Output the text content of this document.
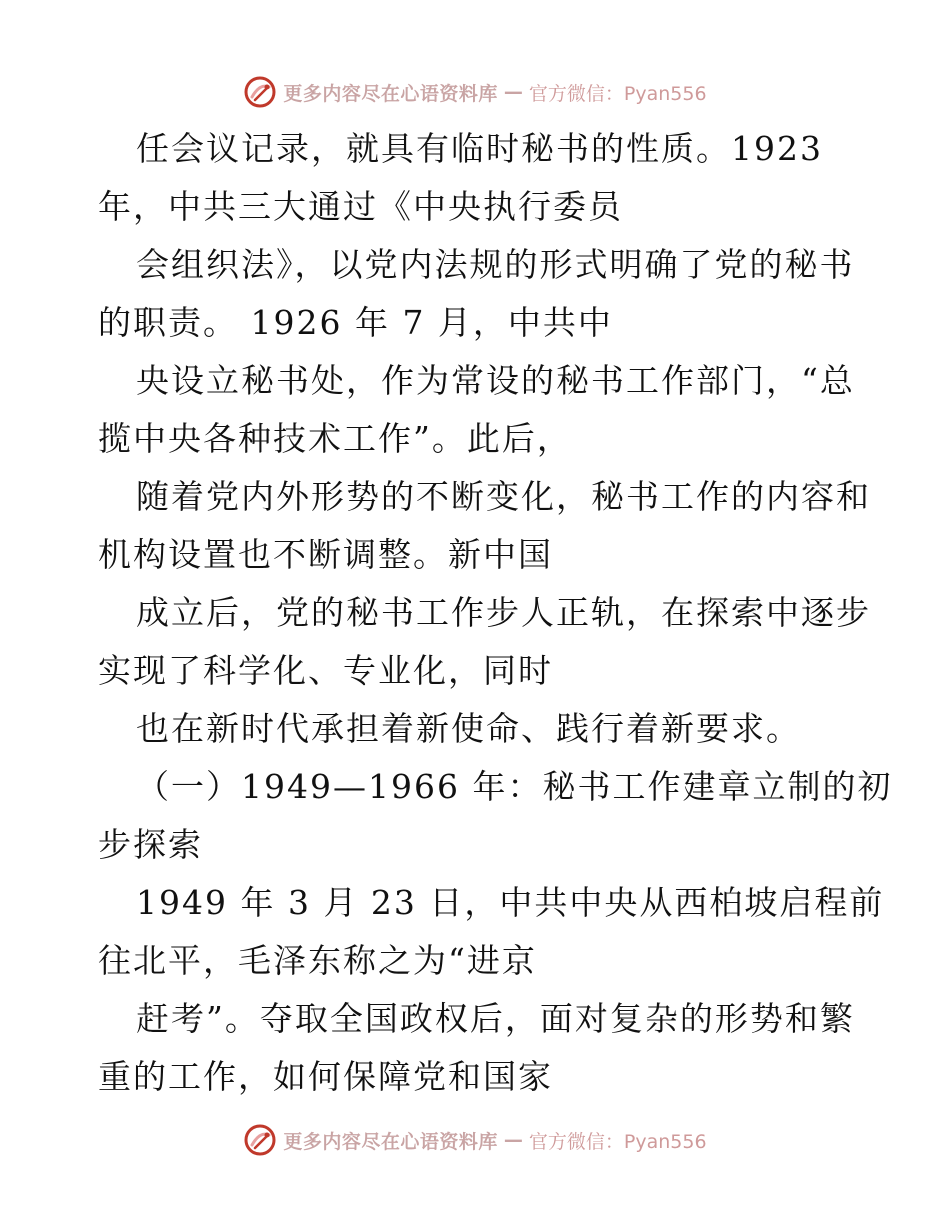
更多内容尽在心语资料库 — 官方微信：Pyan556
任会议记录，就具有临时秘书的性质。1923
年，中共三大通过《中央执行委员
会组织法》，以党内法规的形式明确了党的秘书
的职责。 1926 年 7 月，中共中
央设立秘书处，作为常设的秘书工作部门，“总
揽中央各种技术工作”。此后，
随着党内外形势的不断变化，秘书工作的内容和
机构设置也不断调整。新中国
成立后，党的秘书工作步人正轨，在探索中逐步
实现了科学化、专业化，同时
也在新时代承担着新使命、践行着新要求。
（一）1949—1966 年：秘书工作建章立制的初
步探索
1949 年 3 月 23 日，中共中央从西柏坡启程前
往北平，毛泽东称之为“进京
赶考”。夺取全国政权后，面对复杂的形势和繁
重的工作，如何保障党和国家
更多内容尽在心语资料库 — 官方微信：Pyan556
